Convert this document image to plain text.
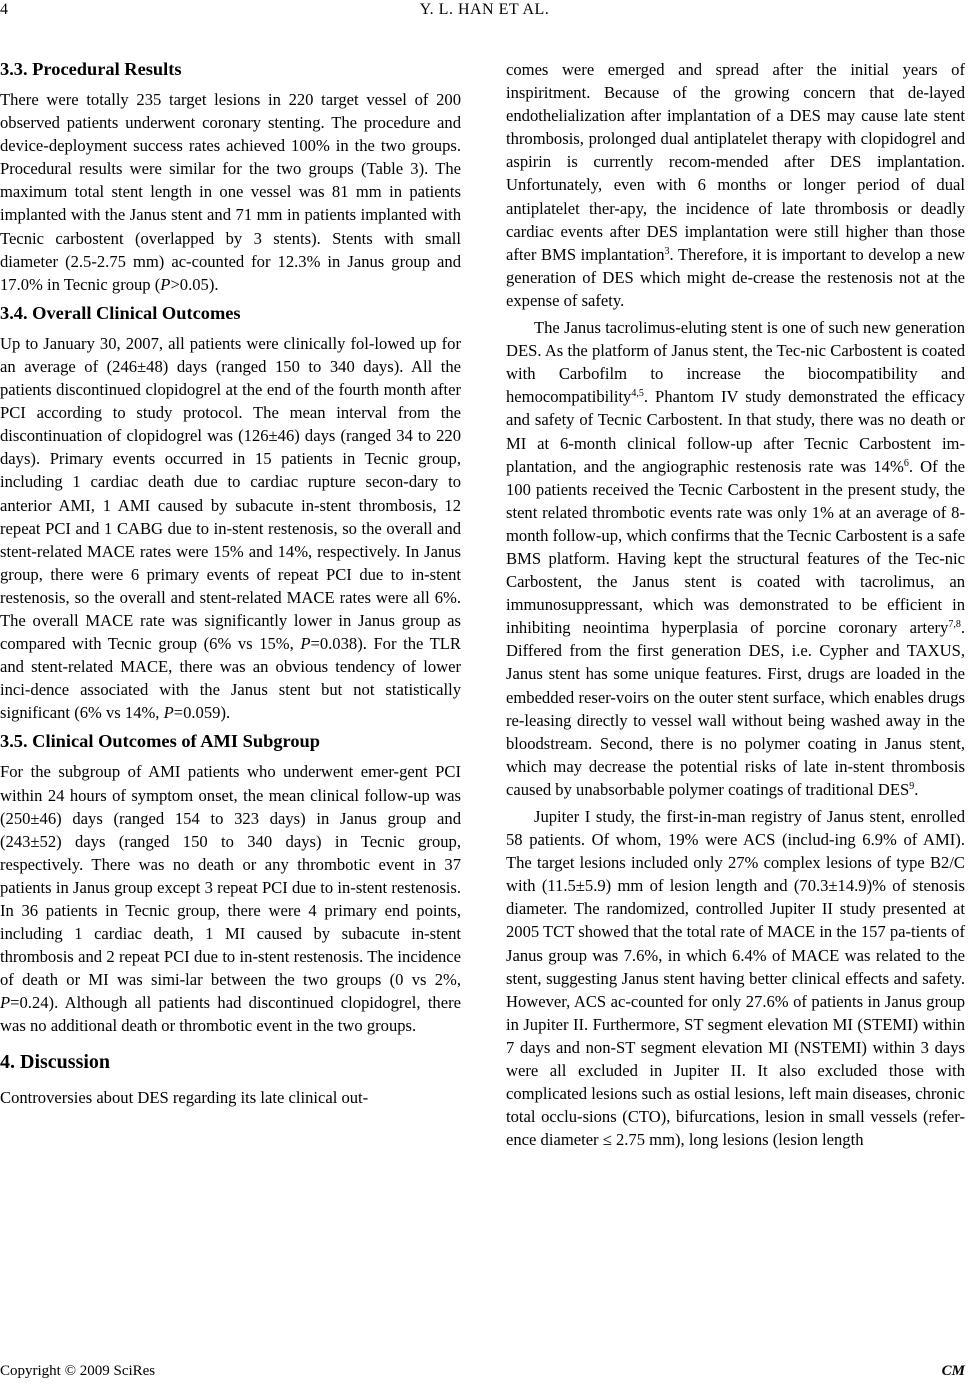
4	Y. L. HAN ET AL.
3.3. Procedural Results

There were totally 235 target lesions in 220 target vessel of 200 observed patients underwent coronary stenting. The procedure and device-deployment success rates achieved 100% in the two groups. Procedural results were similar for the two groups (Table 3). The maximum total stent length in one vessel was 81 mm in patients implanted with the Janus stent and 71 mm in patients implanted with Tecnic carbostent (overlapped by 3 stents). Stents with small diameter (2.5-2.75 mm) ac-counted for 12.3% in Janus group and 17.0% in Tecnic group (P>0.05).

3.4. Overall Clinical Outcomes

Up to January 30, 2007, all patients were clinically fol-lowed up for an average of (246±48) days (ranged 150 to 340 days). All the patients discontinued clopidogrel at the end of the fourth month after PCI according to study protocol. The mean interval from the discontinuation of clopidogrel was (126±46) days (ranged 34 to 220 days). Primary events occurred in 15 patients in Tecnic group, including 1 cardiac death due to cardiac rupture secon-dary to anterior AMI, 1 AMI caused by subacute in-stent thrombosis, 12 repeat PCI and 1 CABG due to in-stent restenosis, so the overall and stent-related MACE rates were 15% and 14%, respectively. In Janus group, there were 6 primary events of repeat PCI due to in-stent restenosis, so the overall and stent-related MACE rates were all 6%. The overall MACE rate was significantly lower in Janus group as compared with Tecnic group (6% vs 15%, P=0.038). For the TLR and stent-related MACE, there was an obvious tendency of lower inci-dence associated with the Janus stent but not statistically significant (6% vs 14%, P=0.059).

3.5. Clinical Outcomes of AMI Subgroup

For the subgroup of AMI patients who underwent emer-gent PCI within 24 hours of symptom onset, the mean clinical follow-up was (250±46) days (ranged 154 to 323 days) in Janus group and (243±52) days (ranged 150 to 340 days) in Tecnic group, respectively. There was no death or any thrombotic event in 37 patients in Janus group except 3 repeat PCI due to in-stent restenosis. In 36 patients in Tecnic group, there were 4 primary end points, including 1 cardiac death, 1 MI caused by subacute in-stent thrombosis and 2 repeat PCI due to in-stent restenosis. The incidence of death or MI was simi-lar between the two groups (0 vs 2%, P=0.24). Although all patients had discontinued clopidogrel, there was no additional death or thrombotic event in the two groups.

4. Discussion

Controversies about DES regarding its late clinical out-

comes were emerged and spread after the initial years of inspiritment. Because of the growing concern that de-layed endothelialization after implantation of a DES may cause late stent thrombosis, prolonged dual antiplatelet therapy with clopidogrel and aspirin is currently recom-mended after DES implantation. Unfortunately, even with 6 months or longer period of dual antiplatelet ther-apy, the incidence of late thrombosis or deadly cardiac events after DES implantation were still higher than those after BMS implantation$^3$. Therefore, it is important to develop a new generation of DES which might de-crease the restenosis not at the expense of safety.

The Janus tacrolimus-eluting stent is one of such new generation DES. As the platform of Janus stent, the Tec-nic Carbostent is coated with Carbofilm to increase the biocompatibility and hemocompatibility$^{4,5}$. Phantom IV study demonstrated the efficacy and safety of Tecnic Carbostent. In that study, there was no death or MI at 6-month clinical follow-up after Tecnic Carbostent im-plantation, and the angiographic restenosis rate was 14%$^6$. Of the 100 patients received the Tecnic Carbostent in the present study, the stent related thrombotic events rate was only 1% at an average of 8-month follow-up, which confirms that the Tecnic Carbostent is a safe BMS platform. Having kept the structural features of the Tec-nic Carbostent, the Janus stent is coated with tacrolimus, an immunosuppressant, which was demonstrated to be efficient in inhibiting neointima hyperplasia of porcine coronary artery$^{7,8}$. Differed from the first generation DES, i.e. Cypher and TAXUS, Janus stent has some unique features. First, drugs are loaded in the embedded reser-voirs on the outer stent surface, which enables drugs re-leasing directly to vessel wall without being washed away in the bloodstream. Second, there is no polymer coating in Janus stent, which may decrease the potential risks of late in-stent thrombosis caused by unabsorbable polymer coatings of traditional DES$^9$.

Jupiter I study, the first-in-man registry of Janus stent, enrolled 58 patients. Of whom, 19% were ACS (includ-ing 6.9% of AMI). The target lesions included only 27% complex lesions of type B2/C with (11.5±5.9) mm of lesion length and (70.3±14.9)% of stenosis diameter. The randomized, controlled Jupiter II study presented at 2005 TCT showed that the total rate of MACE in the 157 pa-tients of Janus group was 7.6%, in which 6.4% of MACE was related to the stent, suggesting Janus stent having better clinical effects and safety. However, ACS ac-counted for only 27.6% of patients in Janus group in Jupiter II. Furthermore, ST segment elevation MI (STEMI) within 7 days and non-ST segment elevation MI (NSTEMI) within 3 days were all excluded in Jupiter II. It also excluded those with complicated lesions such as ostial lesions, left main diseases, chronic total occlu-sions (CTO), bifurcations, lesion in small vessels (refer-ence diameter ≤ 2.75 mm), long lesions (lesion length

Copyright © 2009 SciRes	CM
